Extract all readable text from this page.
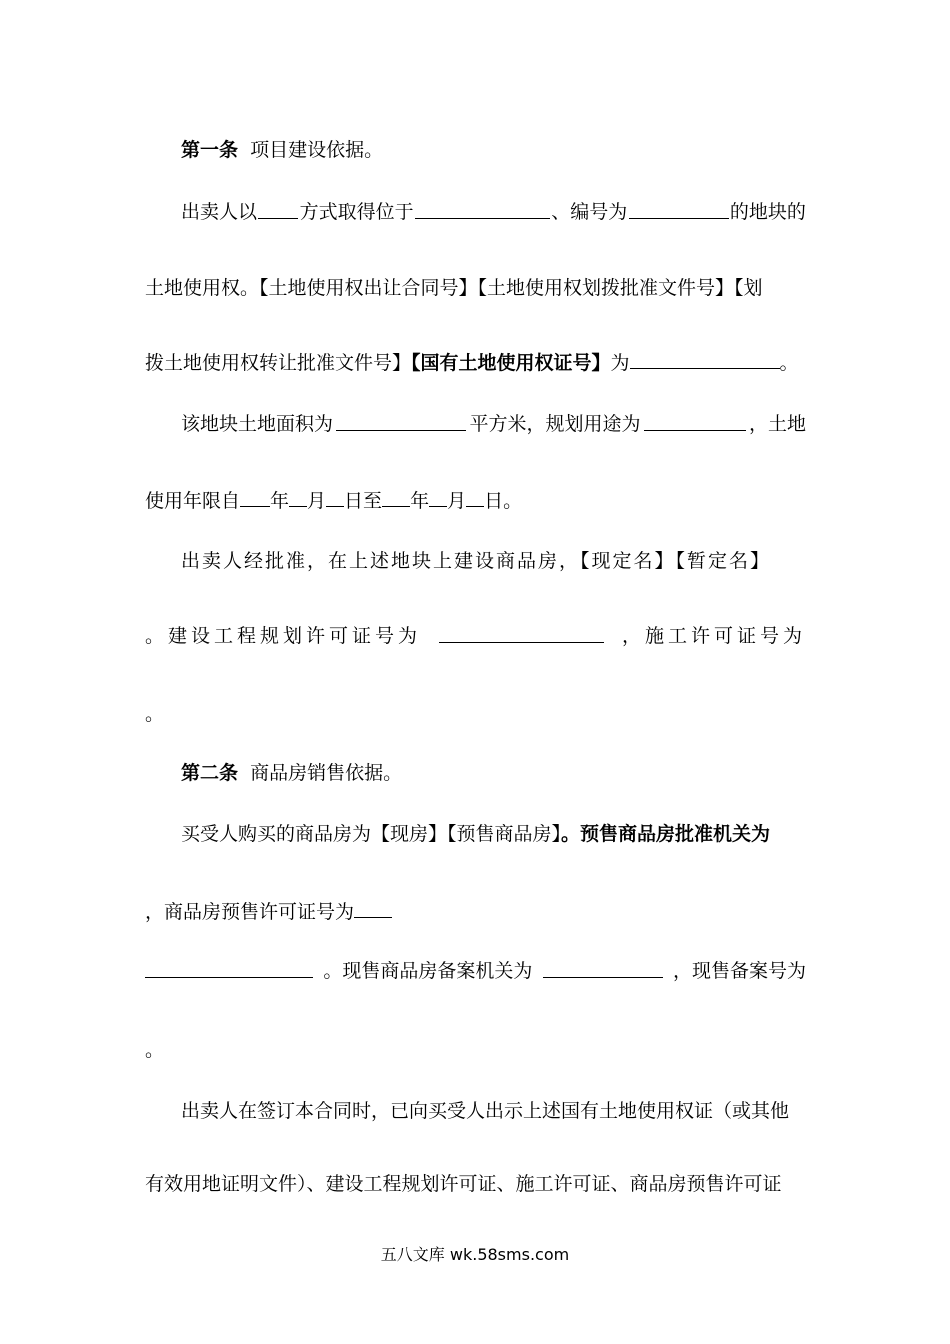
第一条 项目建设依据。
出卖人以 方式取得位于	、编号为	的地块的
土地使用权。【土地使用权出让合同号】【土地使用权划拨批准文件号】【划
拨土地使用权转让批准文件号】【国有土地使用权证号】为	。
该地块土地面积为	平方米，规划用途为	，土地
使用年限自 年 月 日至 年 月 日。
出卖人经批准，在上述地块上建设商品房，【现定名】【暂定名】
。建设工程规划许可证号为	，施工许可证号为
。
第二条 商品房销售依据。
买受人购买的商品房为【现房】【预售商品房】。预售商品房批准机关为
，商品房预售许可证号为
。现售商品房备案机关为	，现售备案号为
。
出卖人在签订本合同时，已向买受人出示上述国有土地使用权证（或其他
有效用地证明文件）、建设工程规划许可证、施工许可证、商品房预售许可证
五八文库 wk.58sms.com
